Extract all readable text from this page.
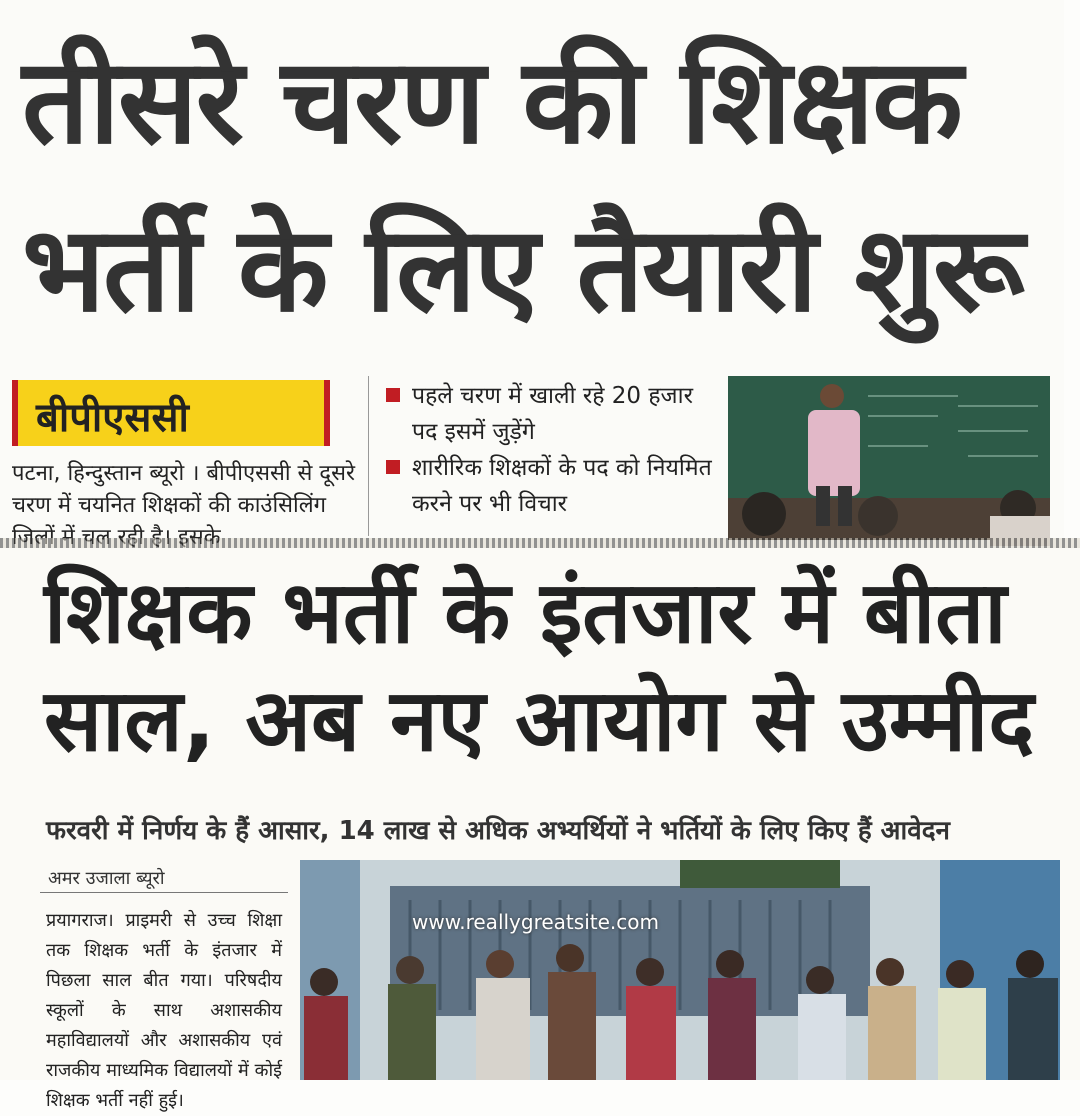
तीसरे चरण की शिक्षक
भर्ती के लिए तैयारी शुरू
बीपीएससी
पटना, हिन्दुस्तान ब्यूरो । बीपीएससी से दूसरे चरण में चयनित शिक्षकों की काउंसिलिंग
पहले चरण में खाली रहे 20 हजार पद इसमें जुड़ेंगे
शारीरिक शिक्षकों के पद को नियमित करने पर भी विचार
शिक्षक भर्ती के इंतजार में बीता
साल, अब नए आयोग से उम्मीद
फरवरी में निर्णय के हैं आसार, 14 लाख से अधिक अभ्यर्थियों ने भर्तियों के लिए किए हैं आवेदन
अमर उजाला ब्यूरो
प्रयागराज। प्राइमरी से उच्च शिक्षा तक शिक्षक भर्ती के इंतजार में पिछला साल बीत गया। परिषदीय स्कूलों के साथ अशासकीय महाविद्यालयों और अशासकीय एवं राजकीय माध्यमिक विद्यालयों में कोई शिक्षक भर्ती नहीं हुई।
www.reallygreatsite.com
